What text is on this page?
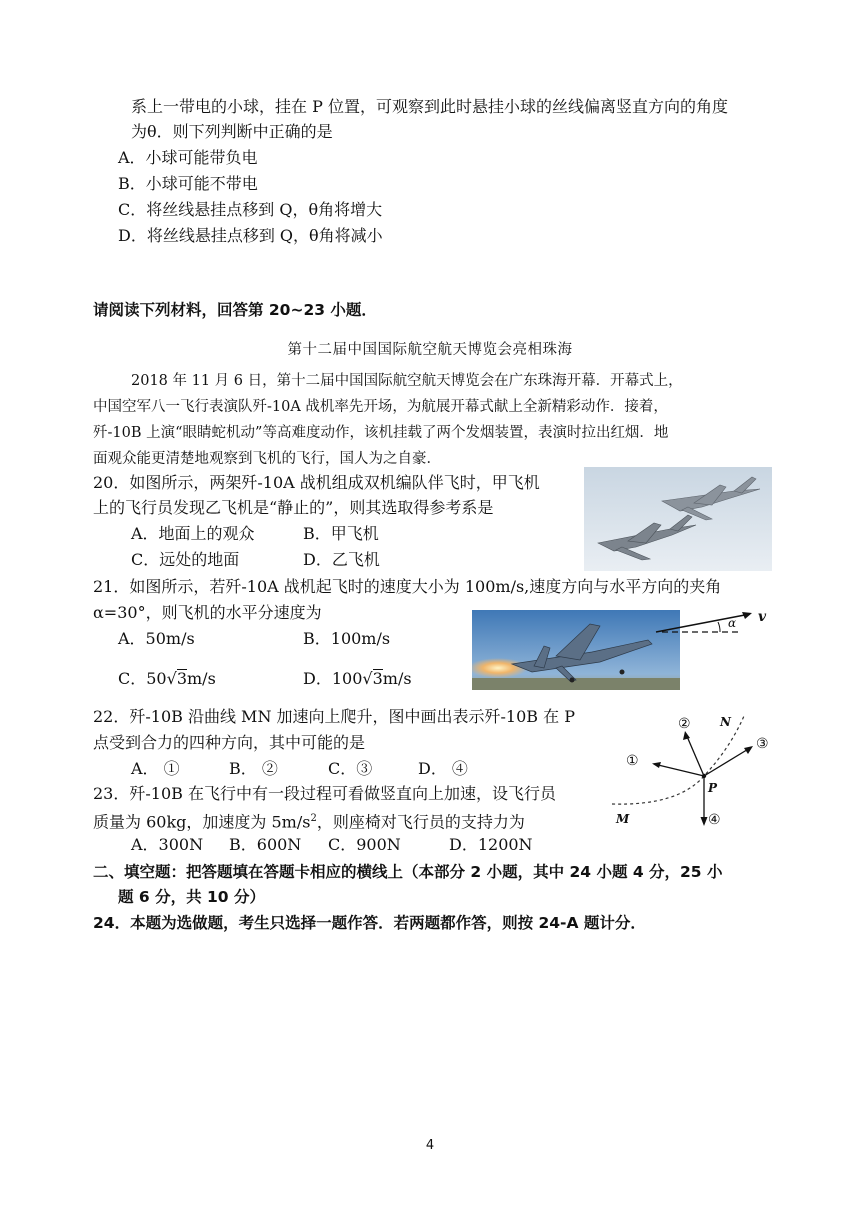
系上一带电的小球，挂在 P 位置，可观察到此时悬挂小球的丝线偏离竖直方向的角度
为θ．则下列判断中正确的是
A．小球可能带负电
B．小球可能不带电
C．将丝线悬挂点移到 Q，θ角将增大
D．将丝线悬挂点移到 Q，θ角将减小
请阅读下列材料，回答第 20~23 小题．
第十二届中国国际航空航天博览会亮相珠海
2018 年 11 月 6 日，第十二届中国国际航空航天博览会在广东珠海开幕．开幕式上，
中国空军八一飞行表演队歼-10A 战机率先开场，为航展开幕式献上全新精彩动作．接着，
歼-10B 上演“眼睛蛇机动”等高难度动作，该机挂载了两个发烟装置，表演时拉出红烟．地
面观众能更清楚地观察到飞机的飞行，国人为之自豪．
20．如图所示，两架歼-10A 战机组成双机编队伴飞时，甲飞机
上的飞行员发现乙飞机是“静止的”，则其选取得参考系是
A．地面上的观众	B．甲飞机
C．远处的地面	D．乙飞机
21．如图所示，若歼-10A 战机起飞时的速度大小为 100m/s,速度方向与水平方向的夹角
α=30°，则飞机的水平分速度为
A．50m/s	B．100m/s
C．50√
3m/s	D．100√
3m/s
α v
22．歼-10B 沿曲线 MN 加速向上爬升，图中画出表示歼-10B 在 P
点受到合力的四种方向，其中可能的是
A． ①	B． ②	C．③	D． ④
② N
③
①
P
M	④
23．歼-10B 在飞行中有一段过程可看做竖直向上加速，设飞行员
质量为 60kg，加速度为 $5m/s^2$，则座椅对飞行员的支持力为
A．300N B．600N C．900N	D．1200N
二、填空题：把答题填在答题卡相应的横线上（本部分 2 小题，其中 24 小题 4 分，25 小
题 6 分，共 10 分）
24．本题为选做题，考生只选择一题作答．若两题都作答，则按 24-A 题计分．
4
